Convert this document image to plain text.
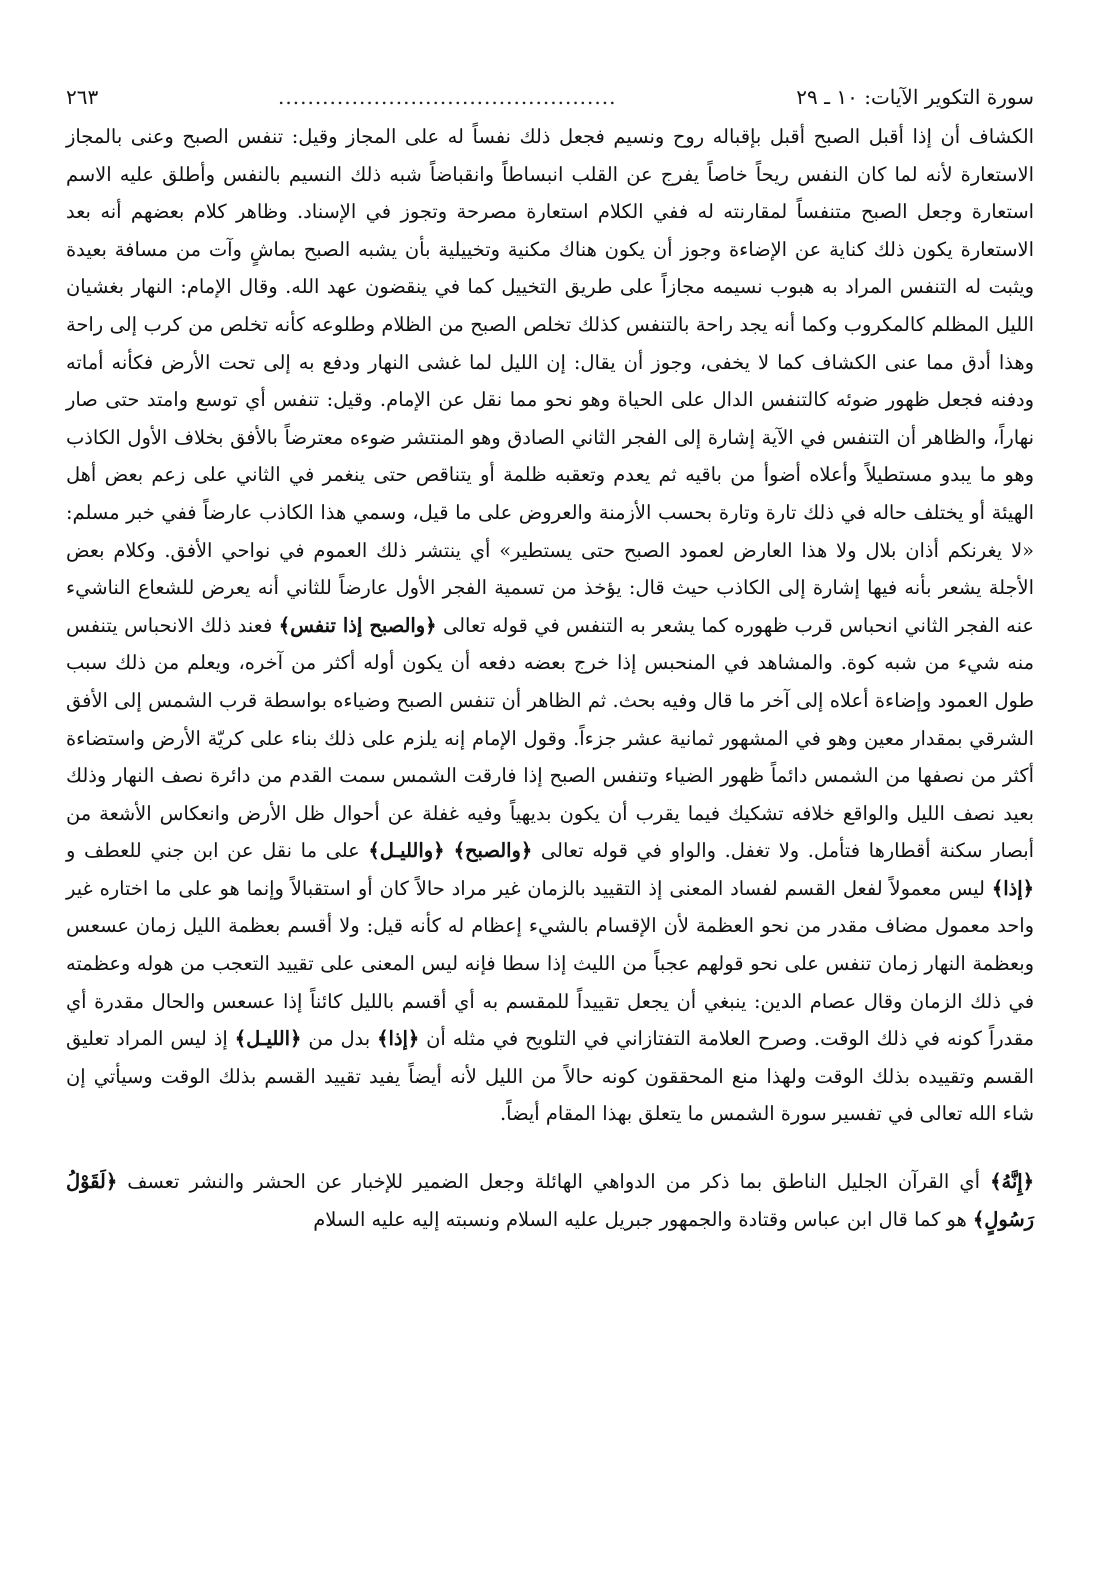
سورة التكوير الآيات: ١٠ ـ ٢٩
..............................................
٢٦٣

الكشاف أن إذا أقبل الصبح أقبل بإقباله روح ونسيم فجعل ذلك نفساً له على المجاز وقيل: تنفس الصبح وعنى بالمجاز الاستعارة لأنه لما كان النفس ريحاً خاصاً يفرج عن القلب انبساطاً وانقباضاً شبه ذلك النسيم بالنفس وأطلق عليه الاسم استعارة وجعل الصبح متنفساً لمقارنته له ففي الكلام استعارة مصرحة وتجوز في الإسناد. وظاهر كلام بعضهم أنه بعد الاستعارة يكون ذلك كناية عن الإضاءة وجوز أن يكون هناك مكنية وتخييلية بأن يشبه الصبح بماشٍ وآت من مسافة بعيدة ويثبت له التنفس المراد به هبوب نسيمه مجازاً على طريق التخييل كما في ينقضون عهد الله. وقال الإمام: النهار بغشيان الليل المظلم كالمكروب وكما أنه يجد راحة بالتنفس كذلك تخلص الصبح من الظلام وطلوعه كأنه تخلص من كرب إلى راحة وهذا أدق مما عنى الكشاف كما لا يخفى، وجوز أن يقال: إن الليل لما غشى النهار ودفع به إلى تحت الأرض فكأنه أماته ودفنه فجعل ظهور ضوئه كالتنفس الدال على الحياة وهو نحو مما نقل عن الإمام. وقيل: تنفس أي توسع وامتد حتى صار نهاراً، والظاهر أن التنفس في الآية إشارة إلى الفجر الثاني الصادق وهو المنتشر ضوءه معترضاً بالأفق بخلاف الأول الكاذب وهو ما يبدو مستطيلاً وأعلاه أضوأ من باقيه ثم يعدم وتعقبه ظلمة أو يتناقص حتى ينغمر في الثاني على زعم بعض أهل الهيئة أو يختلف حاله في ذلك تارة وتارة بحسب الأزمنة والعروض على ما قيل، وسمي هذا الكاذب عارضاً ففي خبر مسلم: «لا يغرنكم أذان بلال ولا هذا العارض لعمود الصبح حتى يستطير» أي ينتشر ذلك العموم في نواحي الأفق. وكلام بعض الأجلة يشعر بأنه فيها إشارة إلى الكاذب حيث قال: يؤخذ من تسمية الفجر الأول عارضاً للثاني أنه يعرض للشعاع الناشيء عنه الفجر الثاني انحباس قرب ظهوره كما يشعر به التنفس في قوله تعالى ﴿والصبح إذا تنفس﴾ فعند ذلك الانحباس يتنفس منه شيء من شبه كوة. والمشاهد في المنحبس إذا خرج بعضه دفعه أن يكون أوله أكثر من آخره، ويعلم من ذلك سبب طول العمود وإضاءة أعلاه إلى آخر ما قال وفيه بحث. ثم الظاهر أن تنفس الصبح وضياءه بواسطة قرب الشمس إلى الأفق الشرقي بمقدار معين وهو في المشهور ثمانية عشر جزءاً. وقول الإمام إنه يلزم على ذلك بناء على كريّة الأرض واستضاءة أكثر من نصفها من الشمس دائماً ظهور الضياء وتنفس الصبح إذا فارقت الشمس سمت القدم من دائرة نصف النهار وذلك بعيد نصف الليل والواقع خلافه تشكيك فيما يقرب أن يكون بديهياً وفيه غفلة عن أحوال ظل الأرض وانعكاس الأشعة من أبصار سكنة أقطارها فتأمل. ولا تغفل. والواو في قوله تعالى ﴿والصبح﴾ ﴿والليـل﴾ على ما نقل عن ابن جني للعطف و ﴿إذا﴾ ليس معمولاً لفعل القسم لفساد المعنى إذ التقييد بالزمان غير مراد حالاً كان أو استقبالاً وإنما هو على ما اختاره غير واحد معمول مضاف مقدر من نحو العظمة لأن الإقسام بالشيء إعظام له كأنه قيل: ولا أقسم بعظمة الليل زمان عسعس وبعظمة النهار زمان تنفس على نحو قولهم عجباً من الليث إذا سطا فإنه ليس المعنى على تقييد التعجب من هوله وعظمته في ذلك الزمان وقال عصام الدين: ينبغي أن يجعل تقييداً للمقسم به أي أقسم بالليل كائناً إذا عسعس والحال مقدرة أي مقدراً كونه في ذلك الوقت. وصرح العلامة التفتازاني في التلويح في مثله أن ﴿إذا﴾ بدل من ﴿الليـل﴾ إذ ليس المراد تعليق القسم وتقييده بذلك الوقت ولهذا منع المحققون كونه حالاً من الليل لأنه أيضاً يفيد تقييد القسم بذلك الوقت وسيأتي إن شاء الله تعالى في تفسير سورة الشمس ما يتعلق بهذا المقام أيضاً.

﴿إِنَّهُ﴾ أي القرآن الجليل الناطق بما ذكر من الدواهي الهائلة وجعل الضمير للإخبار عن الحشر والنشر تعسف ﴿لَقَوْلُ رَسُولٍ﴾ هو كما قال ابن عباس وقتادة والجمهور جبريل عليه السلام ونسبته إليه عليه السلام
